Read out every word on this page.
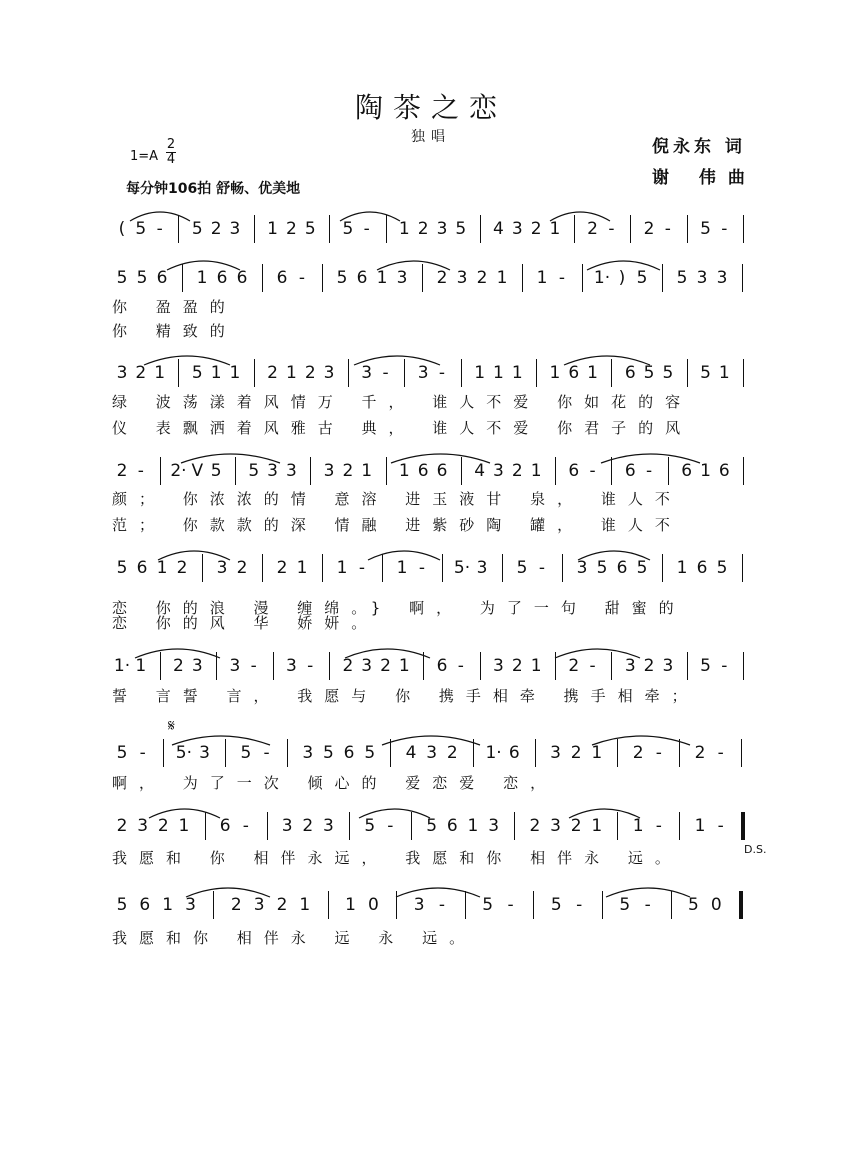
陶茶之恋
独唱	倪永东 词
谢 伟曲
1=A
2
4
每分钟106拍 舒畅、优美地
( 5 - 5 2 3 1 2 5 5 - 1 2 3 5 4 3 2 1 2 - 2 - 5 -
5 5 6 1 6 6 6 - 5 6 1 3 2 3 2 1 1 - 1· ) 5 5 3 3
你 盈盈的
你 精致的
3 2 1 5 1 1 2 1 2 3 3 - 3 - 1 1 1 1 6 1 6 5 5 5 1
绿 波荡漾着风情万 千， 谁人不爱 你如花的容
仪 表飘洒着风雅古 典， 谁人不爱 你君子的风
2 - 2· V 5 5 3 3 3 2 1 1 6 6 4 3 2 1 6 - 6 - 6 1 6
颜； 你浓浓的情 意溶 进玉液甘 泉， 谁人不
范； 你款款的深 情融 进紫砂陶 罐， 谁人不
5 6 1 2 3 2 2 1 1 - 1 - 5· 3 5 - 3 5 6 5 1 6 5
恋 你的浪 漫 缠绵。} 啊， 为了一句 甜蜜的
恋 你的风 华 娇妍。
1· 1 2 3 3 - 3 - 2 3 2 1 6 - 3 2 1 2 - 3 2 3 5 -
誓 言誓 言， 我愿与 你 携手相牵 携手相牵；
5 - 5· 3 5 - 3 5 6 5 4 3 2 1· 6 3 2 1 2 - 2 -
啊， 为了一次 倾心的 爱恋爱 恋，
2 3 2 1 6 - 3 2 3 5 - 5 6 1 3 2 3 2 1 1 - 1 -
我愿和 你 相伴永远， 我愿和你 相伴永 远。
5 6 1 3 2 3 2 1 1 0 3 - 5 - 5 - 5 - 5 0
我愿和你 相伴永 远 永 远。
D.S.
𝄋
